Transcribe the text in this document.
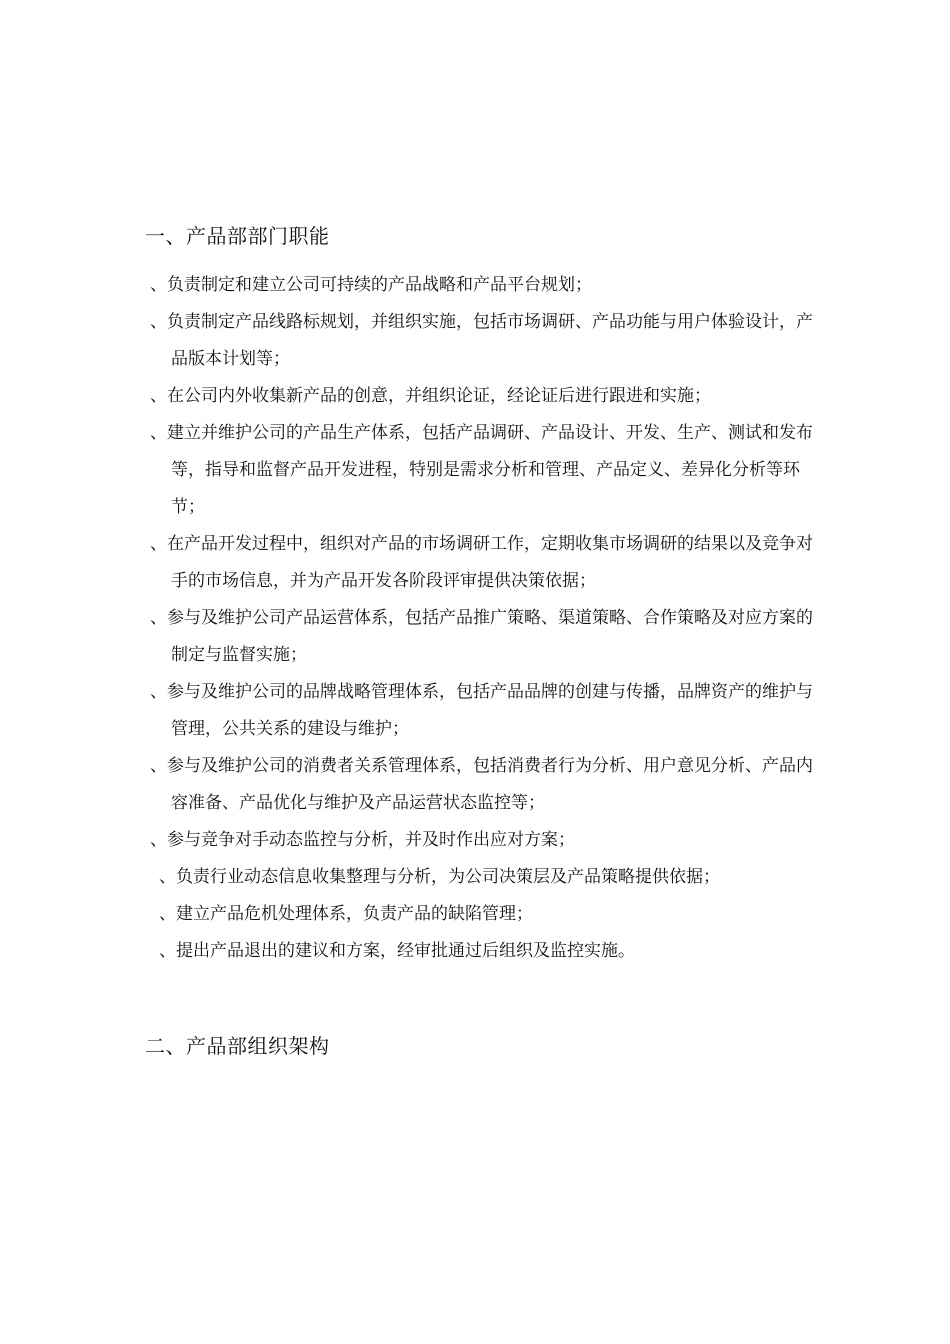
一、产品部部门职能
、负责制定和建立公司可持续的产品战略和产品平台规划；
、负责制定产品线路标规划，并组织实施，包括市场调研、产品功能与用户体验设计，产品版本计划等；
、在公司内外收集新产品的创意，并组织论证，经论证后进行跟进和实施；
、建立并维护公司的产品生产体系，包括产品调研、产品设计、开发、生产、测试和发布等，指导和监督产品开发进程，特别是需求分析和管理、产品定义、差异化分析等环节；
、在产品开发过程中，组织对产品的市场调研工作，定期收集市场调研的结果以及竞争对手的市场信息，并为产品开发各阶段评审提供决策依据；
、参与及维护公司产品运营体系，包括产品推广策略、渠道策略、合作策略及对应方案的制定与监督实施；
、参与及维护公司的品牌战略管理体系，包括产品品牌的创建与传播，品牌资产的维护与管理，公共关系的建设与维护；
、参与及维护公司的消费者关系管理体系，包括消费者行为分析、用户意见分析、产品内容准备、产品优化与维护及产品运营状态监控等；
、参与竞争对手动态监控与分析，并及时作出应对方案；
、负责行业动态信息收集整理与分析，为公司决策层及产品策略提供依据；
、建立产品危机处理体系，负责产品的缺陷管理；
、提出产品退出的建议和方案，经审批通过后组织及监控实施。
二、产品部组织架构
